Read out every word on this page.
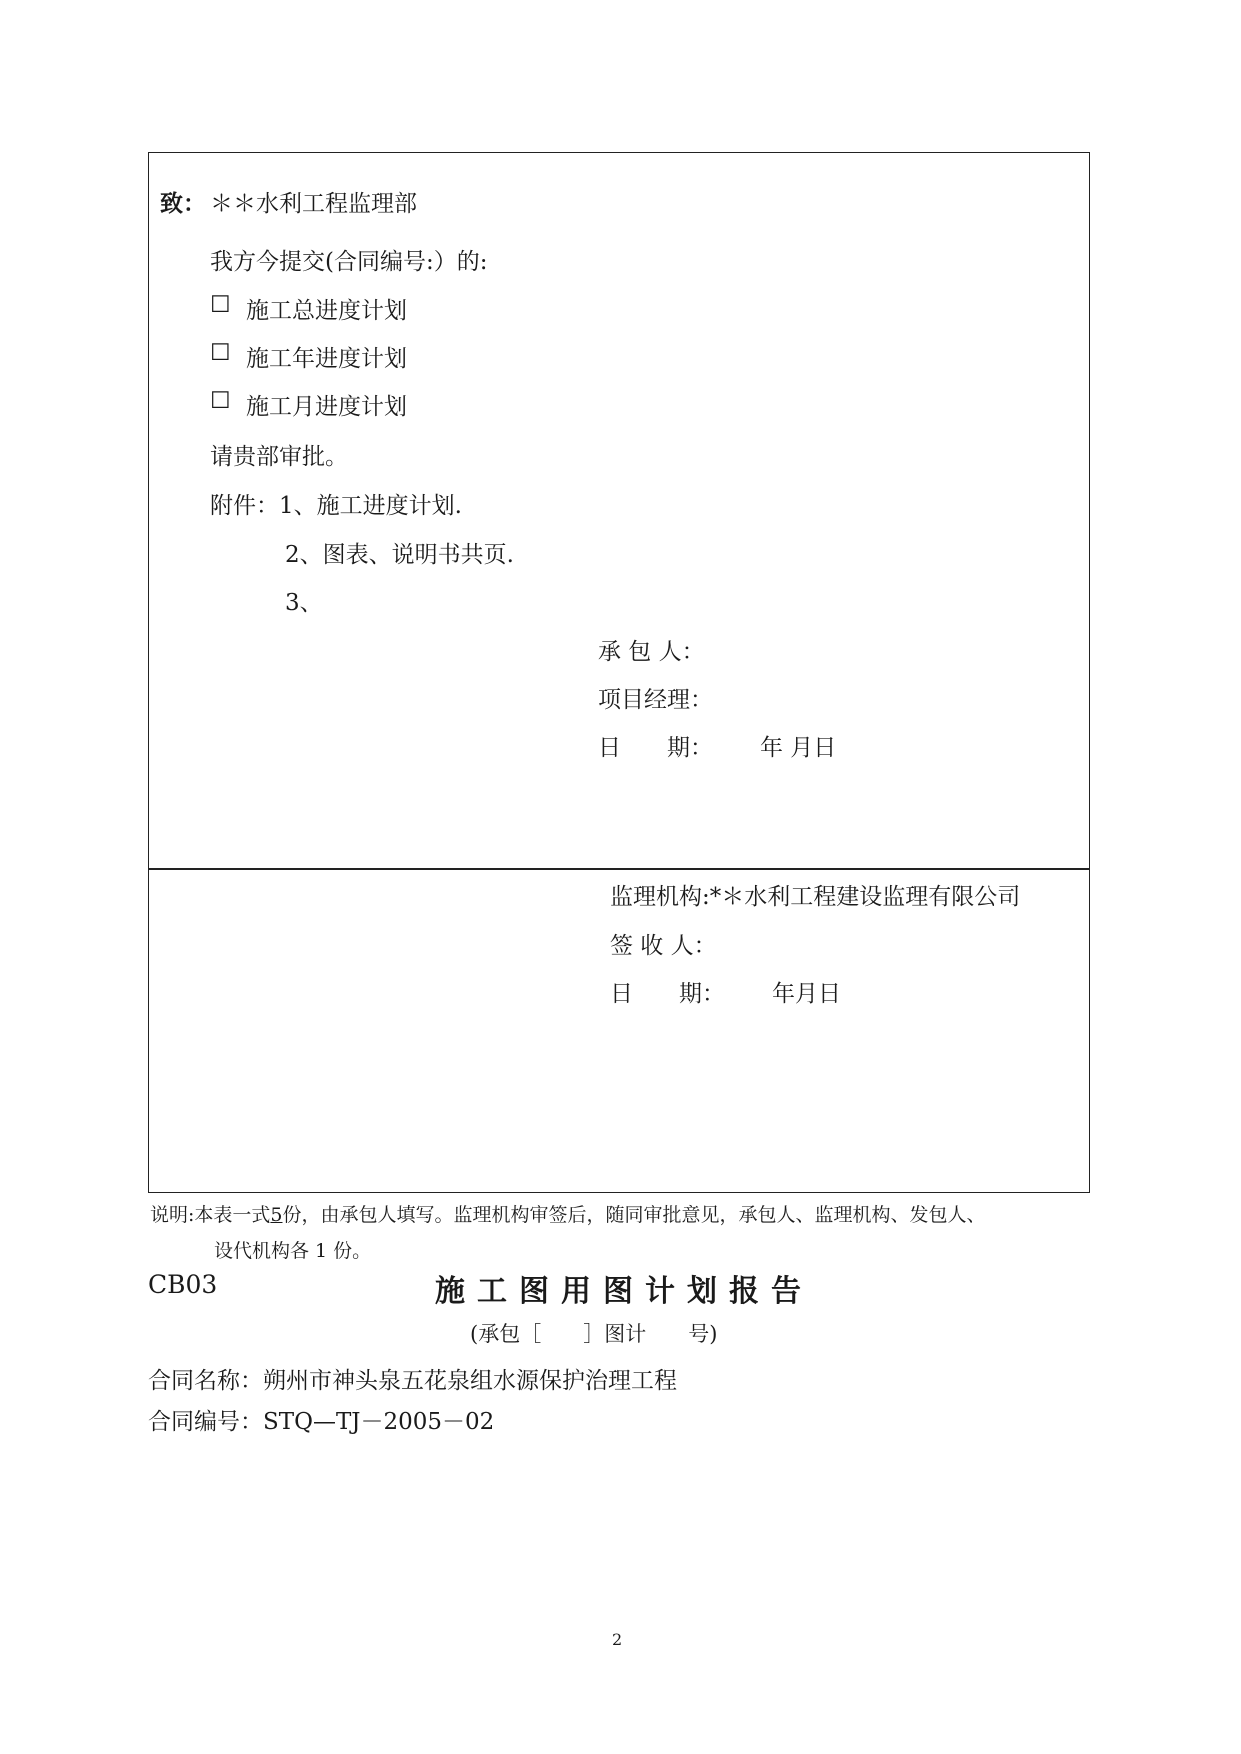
致： ＊＊水利工程监理部
我方今提交(合同编号:）的:
☐ 施工总进度计划
☐ 施工年进度计划
☐ 施工月进度计划
请贵部审批。
附件：1、施工进度计划.
2、图表、说明书共页.
3、
承 包 人：
项目经理：
日　　期： 年 月日
监理机构:*＊水利工程建设监理有限公司
签 收 人：
日　　期： 年月日
说明:本表一式5份，由承包人填写。监理机构审签后，随同审批意见，承包人、监理机构、发包人、
设代机构各 1 份。
CB03	施工图用图计划报告
(承包［　　］图计　　号)
合同名称：朔州市神头泉五花泉组水源保护治理工程
合同编号：STQ—TJ－2005－02
2
